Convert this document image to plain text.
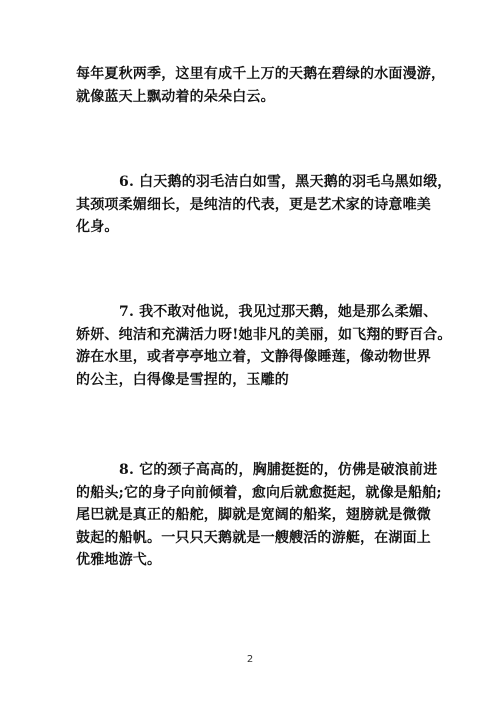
每年夏秋两季，这里有成千上万的天鹅在碧绿的水面漫游，
就像蓝天上飘动着的朵朵白云。
6. 白天鹅的羽毛洁白如雪，黑天鹅的羽毛乌黑如缎，
其颈项柔媚细长，是纯洁的代表，更是艺术家的诗意唯美
化身。
7. 我不敢对他说，我见过那天鹅，她是那么柔媚、
娇妍、纯洁和充满活力呀!她非凡的美丽，如飞翔的野百合。
游在水里，或者亭亭地立着，文静得像睡莲，像动物世界
的公主，白得像是雪捏的，玉雕的
8. 它的颈子高高的，胸脯挺挺的，仿佛是破浪前进
的船头;它的身子向前倾着，愈向后就愈挺起，就像是船舶;
尾巴就是真正的船舵，脚就是宽阔的船桨，翅膀就是微微
鼓起的船帆。一只只天鹅就是一艘艘活的游艇，在湖面上
优雅地游弋。
2
